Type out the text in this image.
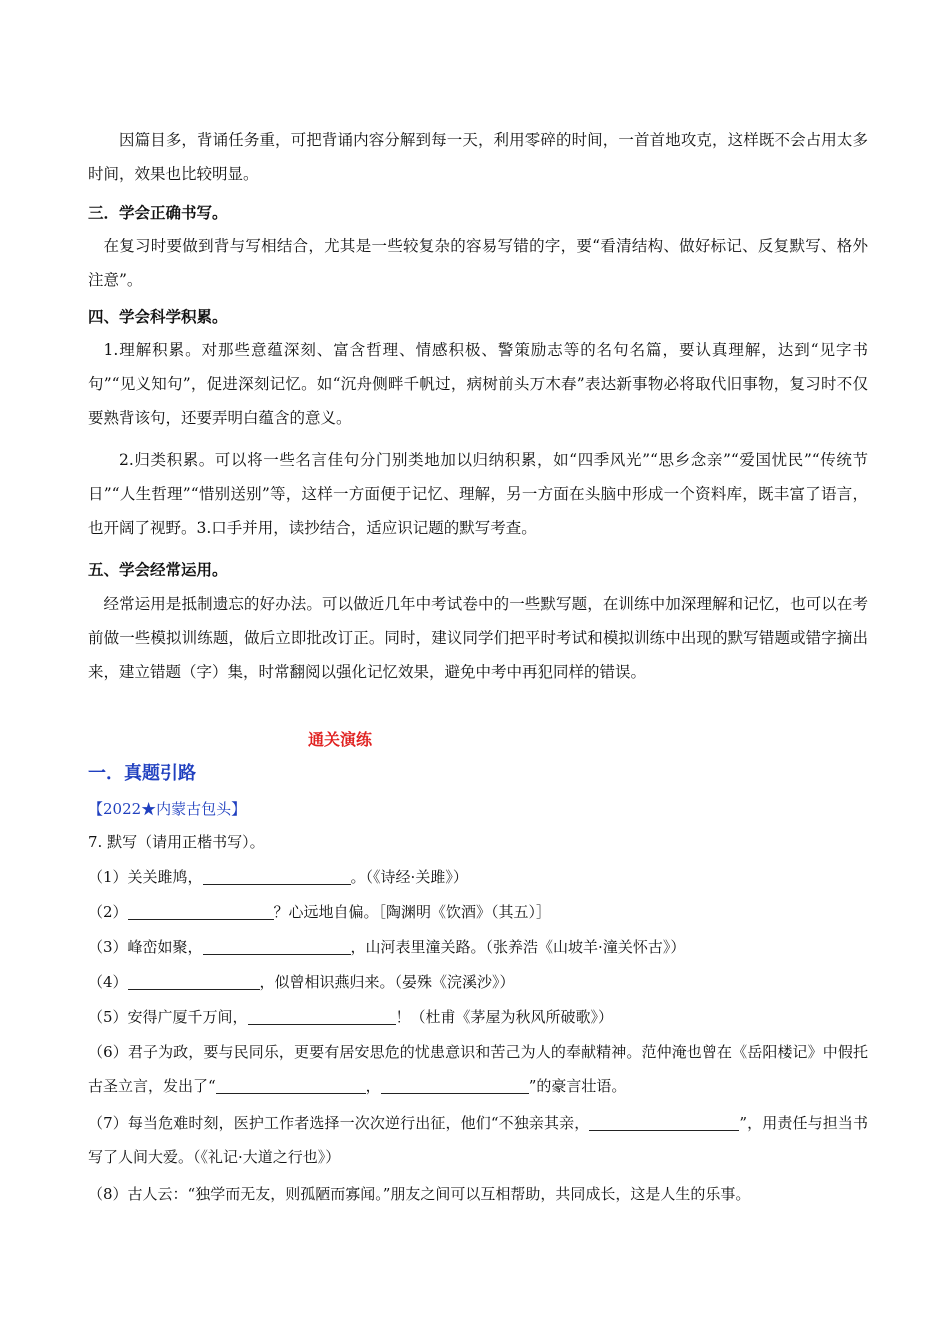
因篇目多，背诵任务重，可把背诵内容分解到每一天，利用零碎的时间，一首首地攻克，这样既不会占用太多时间，效果也比较明显。

三．学会正确书写。

在复习时要做到背与写相结合，尤其是一些较复杂的容易写错的字，要“看清结构、做好标记、反复默写、格外注意”。

四、学会科学积累。

1.理解积累。对那些意蕴深刻、富含哲理、情感积极、警策励志等的名句名篇，要认真理解，达到“见字书句”“见义知句”，促进深刻记忆。如“沉舟侧畔千帆过，病树前头万木春”表达新事物必将取代旧事物，复习时不仅要熟背该句，还要弄明白蕴含的意义。

2.归类积累。可以将一些名言佳句分门别类地加以归纳积累，如“四季风光”“思乡念亲”“爱国忧民”“传统节日”“人生哲理”“惜别送别”等，这样一方面便于记忆、理解，另一方面在头脑中形成一个资料库，既丰富了语言，也开阔了视野。3.口手并用，读抄结合，适应识记题的默写考查。

五、学会经常运用。

经常运用是抵制遗忘的好办法。可以做近几年中考试卷中的一些默写题，在训练中加深理解和记忆，也可以在考前做一些模拟训练题，做后立即批改订正。同时，建议同学们把平时考试和模拟训练中出现的默写错题或错字摘出来，建立错题（字）集，时常翻阅以强化记忆效果，避免中考中再犯同样的错误。

通关演练

一．真题引路

【2022★内蒙古包头】

7. 默写（请用正楷书写）。

（1）关关雎鸠，	。（《诗经·关雎》）

（2）	？心远地自偏。［陶渊明《饮酒》（其五）］

（3）峰峦如聚，	，山河表里潼关路。（张养浩《山坡羊·潼关怀古》）

（4）	，似曾相识燕归来。（晏殊《浣溪沙》）

（5）安得广厦千万间，	！（杜甫《茅屋为秋风所破歌》）

（6）君子为政，要与民同乐，更要有居安思危的忧患意识和苦己为人的奉献精神。范仲淹也曾在《岳阳楼记》中假托古圣立言，发出了“	，	”的豪言壮语。

（7）每当危难时刻，医护工作者选择一次次逆行出征，他们“不独亲其亲，	”，用责任与担当书写了人间大爱。（《礼记·大道之行也》）

（8）古人云：“独学而无友，则孤陋而寡闻。”朋友之间可以互相帮助，共同成长，这是人生的乐事。
